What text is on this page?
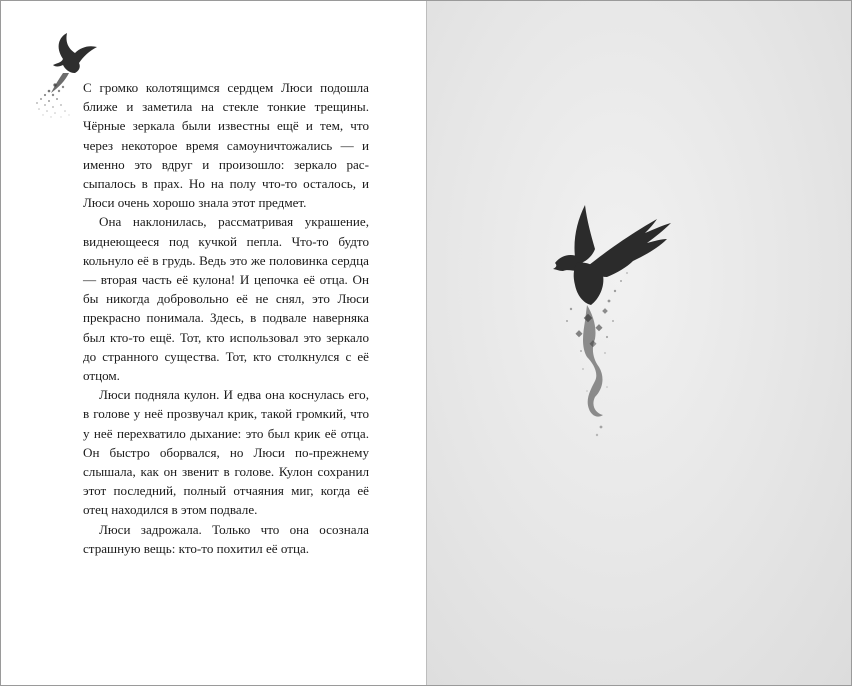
С громко колотящимся сердцем Люси подошла ближе и заметила на стекле тонкие трещины. Чёрные зеркала были известны ещё и тем, что через некоторое время самоуничтожались — и именно это вдруг и произошло: зеркало рассыпалось в прах. Но на полу что-то осталось, и Люси очень хорошо знала этот предмет.

Она наклонилась, рассматривая украшение, виднеющееся под кучкой пепла. Что-то будто кольнуло её в грудь. Ведь это же половинка сердца — вторая часть её кулона! И цепочка её отца. Он бы никогда добровольно её не снял, это Люси прекрасно понимала. Здесь, в подвале наверняка был кто-то ещё. Тот, кто использовал это зеркало до странного существа. Тот, кто столкнулся с её отцом.

Люси подняла кулон. И едва она коснулась его, в голове у неё прозвучал крик, такой громкий, что у неё перехватило дыхание: это был крик её отца. Он быстро оборвался, но Люси по-прежнему слышала, как он звенит в голове. Кулон сохранил этот последний, полный отчаяния миг, когда её отец находился в этом подвале.

Люси задрожала. Только что она осознала страшную вещь: кто-то похитил её отца.
